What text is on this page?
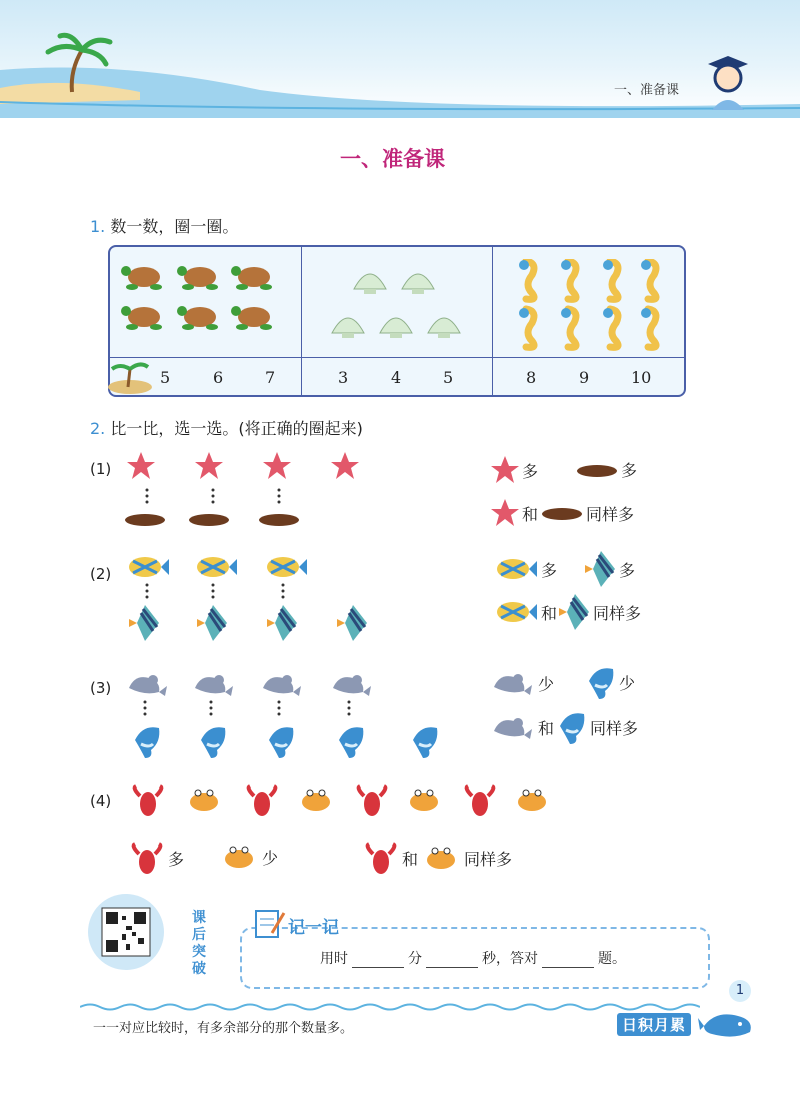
一、准备课
一、准备课
1. 数一数，圈一圈。
5	6	7	3	4	5	8	9	10
2. 比一比，选一选。(将正确的圈起来)
(1)	多	多
和	同样多
(2)	多	多
和 同样多
(3)	少	少
和 同样多
(4)
多	少	和	同样多
课后突破
记一记
用时	分	秒，答对	题。
一一对应比较时，有多余部分的那个数量多。	日积月累
1
